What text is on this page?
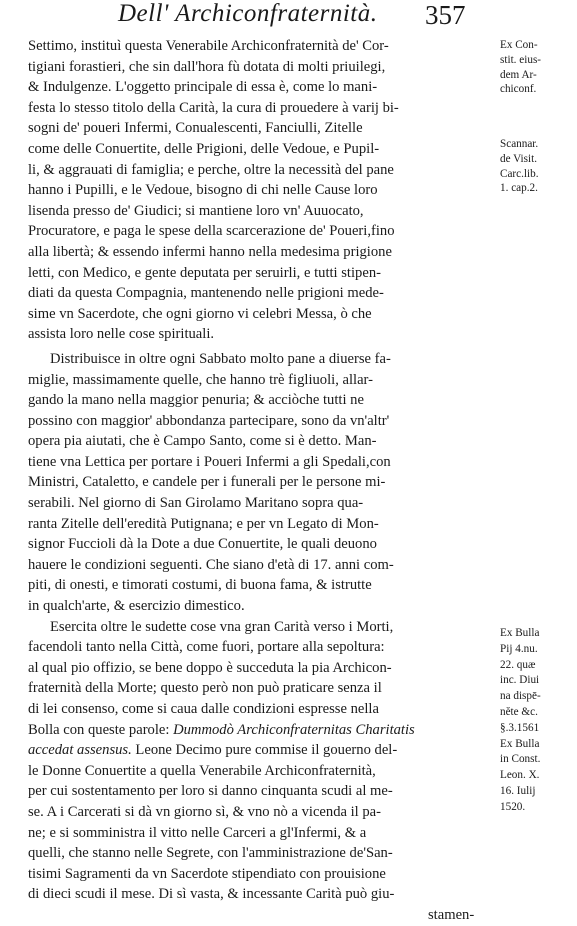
Dell' Archiconfraternità. 357
Settimo, instituì questa Venerabile Archiconfraternità de' Cor-
tigiani forastieri, che sin dall'hora fù dotata di molti priuilegi,
& Indulgenze. L'oggetto principale di essa è, come lo mani-
festa lo stesso titolo della Carità, la cura di prouedere à varij bi-
sogni de' poueri Infermi, Conualescenti, Fanciulli, Zitelle
come delle Conuertite, delle Prigioni, delle Vedoue, e Pupil-
li, & aggrauati di famiglia; e perche, oltre la necessità del pane
hanno i Pupilli, e le Vedoue, bisogno di chi nelle Cause loro
lisenda presso de' Giudici; si mantiene loro vn' Auuocato,
Procuratore, e paga le spese della scarcerazione de' Poueri,fino
alla libertà; & essendo infermi hanno nella medesima prigione
letti, con Medico, e gente deputata per seruirli, e tutti stipen-
diati da questa Compagnia, mantenendo nelle prigioni mede-
sime vn Sacerdote, che ogni giorno vi celebri Messa, ò che
assista loro nelle cose spirituali.
Distribuisce in oltre ogni Sabbato molto pane a diuerse fa-
miglie, massimamente quelle, che hanno trè figliuoli, allar-
gando la mano nella maggior penuria; & acciòche tutti ne
possino con maggior' abbondanza partecipare, sono da vn'altr'
opera pia aiutati, che è Campo Santo, come si è detto. Man-
tiene vna Lettica per portare i Poueri Infermi a gli Spedali,con
Ministri, Cataletto, e candele per i funerali per le persone mi-
serabili. Nel giorno di San Girolamo Maritano sopra qua-
ranta Zitelle dell'eredità Putignana; e per vn Legato di Mon-
signor Fuccioli dà la Dote a due Conuertite, le quali deuono
hauere le condizioni seguenti. Che siano d'età di 17. anni com-
piti, di onesti, e timorati costumi, di buona fama, & istrutte
in qualch'arte, & esercizio dimestico.
Esercita oltre le sudette cose vna gran Carità verso i Morti,
facendoli tanto nella Città, come fuori, portare alla sepoltura:
al qual pio offizio, se bene doppo è succeduta la pia Archicon-
fraternità della Morte; questo però non può praticare senza il
di lei consenso, come si caua dalle condizioni espresse nella
Bolla con queste parole: Dummodò Archiconfraternitas Charitatis
accedat assensus. Leone Decimo pure commise il gouerno del-
le Donne Conuertite a quella Venerabile Archiconfraternità,
per cui sostentamento per loro si danno cinquanta scudi al me-
se. A i Carcerati si dà vn giorno sì, & vno nò a vicenda il pa-
ne; e si somministra il vitto nelle Carceri a gl'Infermi, & a
quelli, che stanno nelle Segrete, con l'amministrazione de'San-
tisimi Sagramenti da vn Sacerdote stipendiato con prouisione
di dieci scudi il mese. Di sì vasta, & incessante Carità può giu-
stamen-
Ex Con-
stit. eius-
dem Ar-
chiconf.
Scannar.
de Visit.
Carc.lib.
1. cap.2.
Ex Bulla
Pij 4.nu.
22. quæ
inc. Diui
na dispē-
nĕte &c.
§.3.1561
Ex Bulla
in Const.
Leon. X.
16. Iulij
1520.
